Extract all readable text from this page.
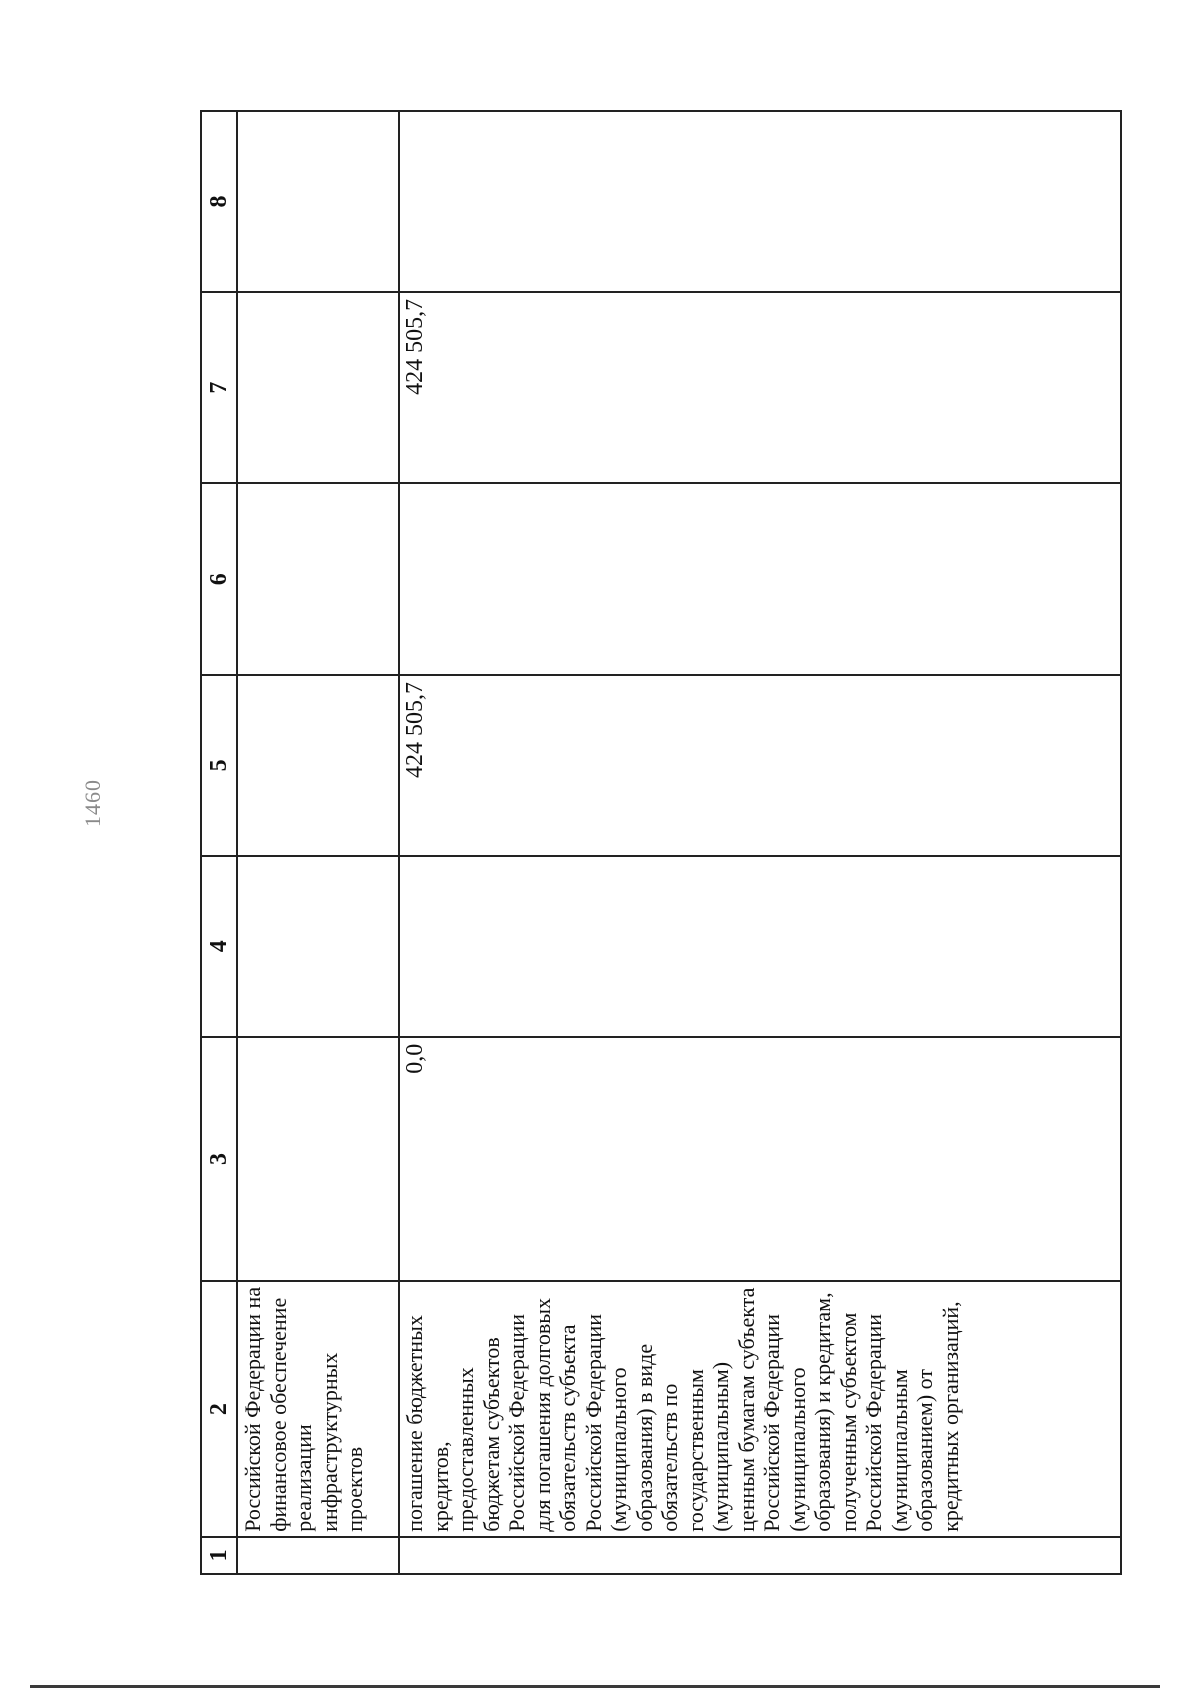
1460
1	2	3	4	5	6	7	8
	Российской Федерации на финансовое обеспечение реализации инфраструктурных проектов						
	погашение бюджетных кредитов, предоставленных бюджетам субъектов Российской Федерации для погашения долговых обязательств субъекта Российской Федерации (муниципального образования) в виде обязательств по государственным (муниципальным) ценным бумагам субъекта Российской Федерации (муниципального образования) и кредитам, полученным субъектом Российской Федерации (муниципальным образованием) от кредитных организаций,	0,0		424 505,7		424 505,7	
